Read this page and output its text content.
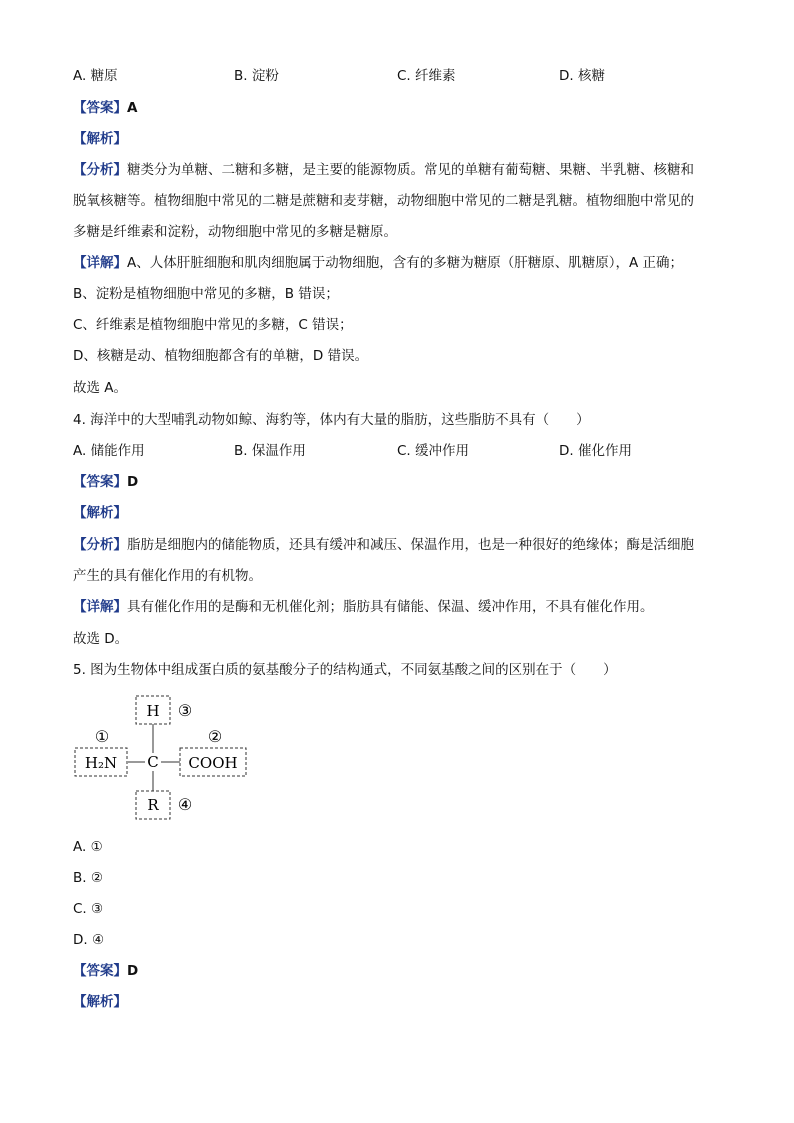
A. 糖原	B. 淀粉	C. 纤维素	D. 核糖
【答案】A
【解析】
【分析】糖类分为单糖、二糖和多糖，是主要的能源物质。常见的单糖有葡萄糖、果糖、半乳糖、核糖和
脱氧核糖等。植物细胞中常见的二糖是蔗糖和麦芽糖，动物细胞中常见的二糖是乳糖。植物细胞中常见的
多糖是纤维素和淀粉，动物细胞中常见的多糖是糖原。
【详解】A、人体肝脏细胞和肌肉细胞属于动物细胞，含有的多糖为糖原（肝糖原、肌糖原），A 正确；
B、淀粉是植物细胞中常见的多糖，B 错误；
C、纤维素是植物细胞中常见的多糖，C 错误；
D、核糖是动、植物细胞都含有的单糖，D 错误。
故选 A。
4. 海洋中的大型哺乳动物如鲸、海豹等，体内有大量的脂肪，这些脂肪不具有（　　）
A. 储能作用	B. 保温作用	C. 缓冲作用	D. 催化作用
【答案】D
【解析】
【分析】脂肪是细胞内的储能物质，还具有缓冲和减压、保温作用，也是一种很好的绝缘体；酶是活细胞
产生的具有催化作用的有机物。
【详解】具有催化作用的是酶和无机催化剂；脂肪具有储能、保温、缓冲作用，不具有催化作用。
故选 D。
5. 图为生物体中组成蛋白质的氨基酸分子的结构通式，不同氨基酸之间的区别在于（　　）
H ③
①	②
H₂N C COOH
R ④
A. ①
B. ②
C. ③
D. ④
【答案】D
【解析】
